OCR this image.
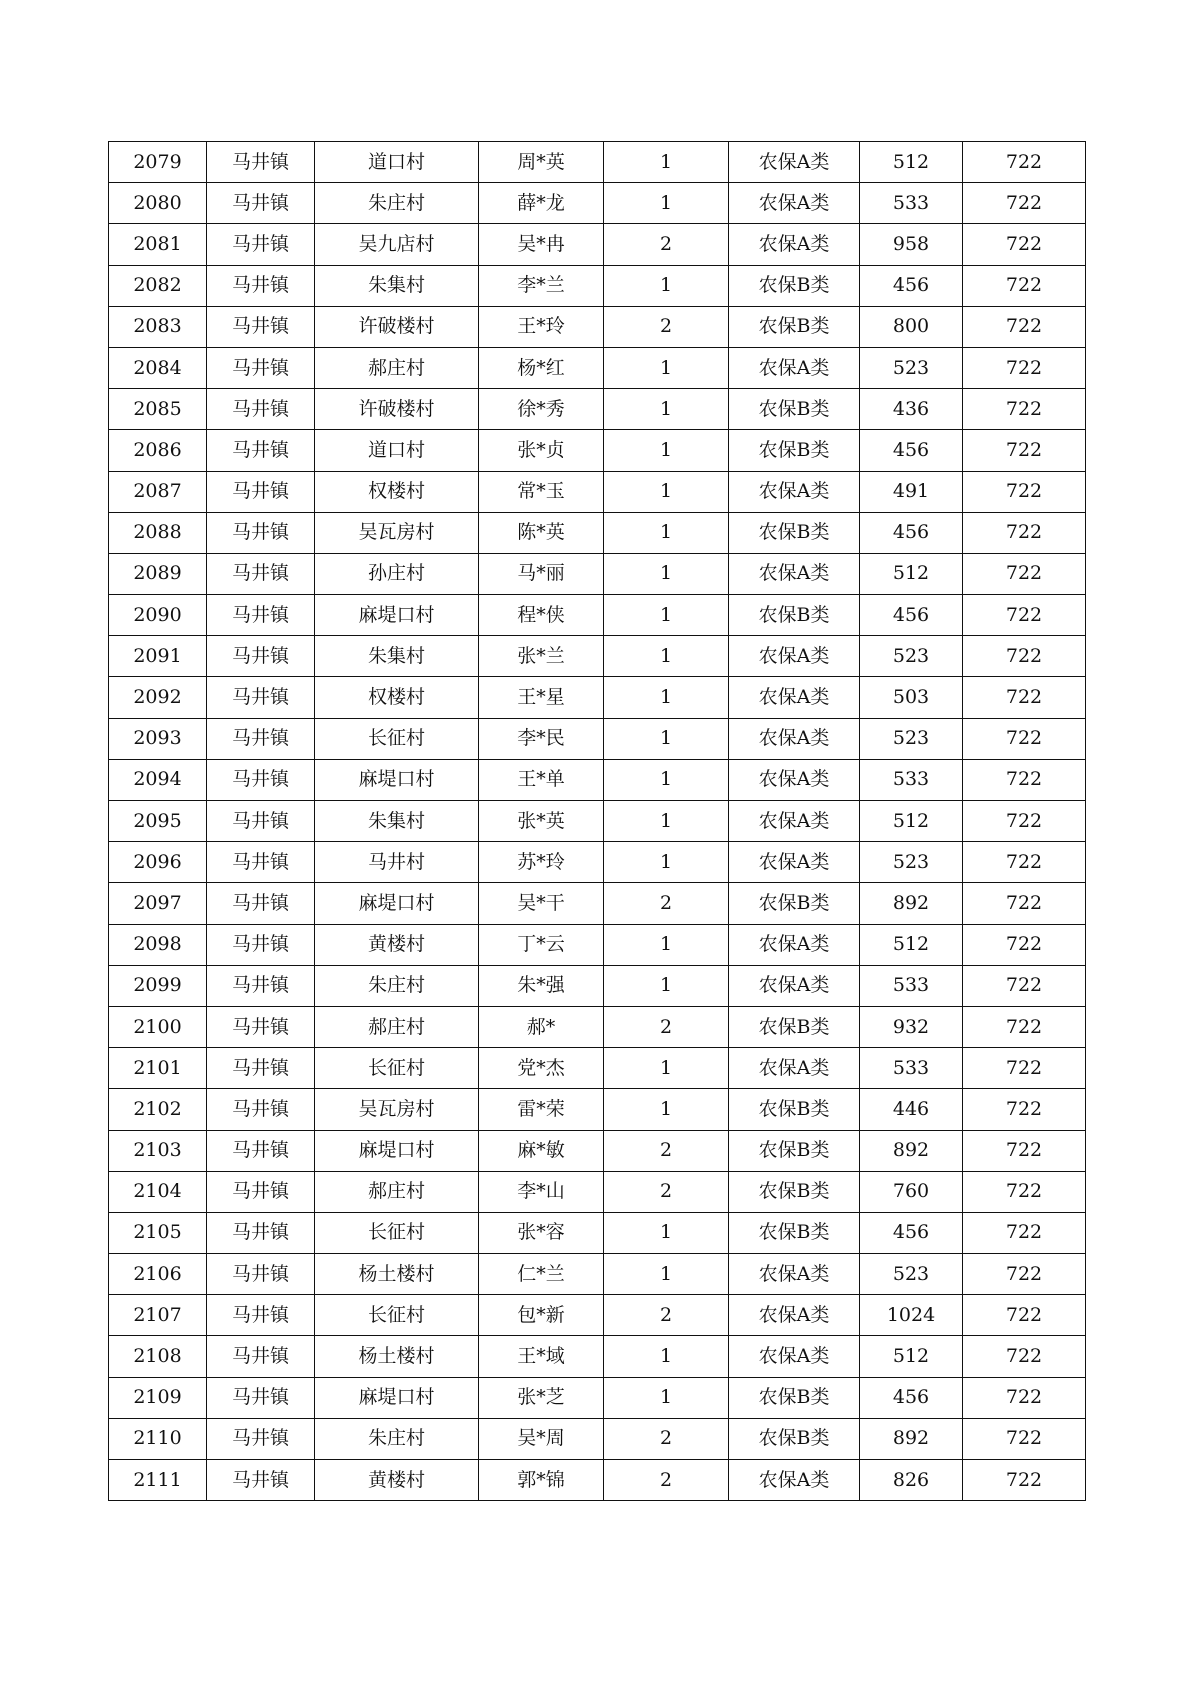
2079	马井镇	道口村	周*英	1	农保A类	512	722
2080	马井镇	朱庄村	薛*龙	1	农保A类	533	722
2081	马井镇	吴九店村	吴*冉	2	农保A类	958	722
2082	马井镇	朱集村	李*兰	1	农保B类	456	722
2083	马井镇	许破楼村	王*玲	2	农保B类	800	722
2084	马井镇	郝庄村	杨*红	1	农保A类	523	722
2085	马井镇	许破楼村	徐*秀	1	农保B类	436	722
2086	马井镇	道口村	张*贞	1	农保B类	456	722
2087	马井镇	权楼村	常*玉	1	农保A类	491	722
2088	马井镇	吴瓦房村	陈*英	1	农保B类	456	722
2089	马井镇	孙庄村	马*丽	1	农保A类	512	722
2090	马井镇	麻堤口村	程*侠	1	农保B类	456	722
2091	马井镇	朱集村	张*兰	1	农保A类	523	722
2092	马井镇	权楼村	王*星	1	农保A类	503	722
2093	马井镇	长征村	李*民	1	农保A类	523	722
2094	马井镇	麻堤口村	王*单	1	农保A类	533	722
2095	马井镇	朱集村	张*英	1	农保A类	512	722
2096	马井镇	马井村	苏*玲	1	农保A类	523	722
2097	马井镇	麻堤口村	吴*干	2	农保B类	892	722
2098	马井镇	黄楼村	丁*云	1	农保A类	512	722
2099	马井镇	朱庄村	朱*强	1	农保A类	533	722
2100	马井镇	郝庄村	郝*	2	农保B类	932	722
2101	马井镇	长征村	党*杰	1	农保A类	533	722
2102	马井镇	吴瓦房村	雷*荣	1	农保B类	446	722
2103	马井镇	麻堤口村	麻*敏	2	农保B类	892	722
2104	马井镇	郝庄村	李*山	2	农保B类	760	722
2105	马井镇	长征村	张*容	1	农保B类	456	722
2106	马井镇	杨土楼村	仁*兰	1	农保A类	523	722
2107	马井镇	长征村	包*新	2	农保A类	1024	722
2108	马井镇	杨土楼村	王*域	1	农保A类	512	722
2109	马井镇	麻堤口村	张*芝	1	农保B类	456	722
2110	马井镇	朱庄村	吴*周	2	农保B类	892	722
2111	马井镇	黄楼村	郭*锦	2	农保A类	826	722
